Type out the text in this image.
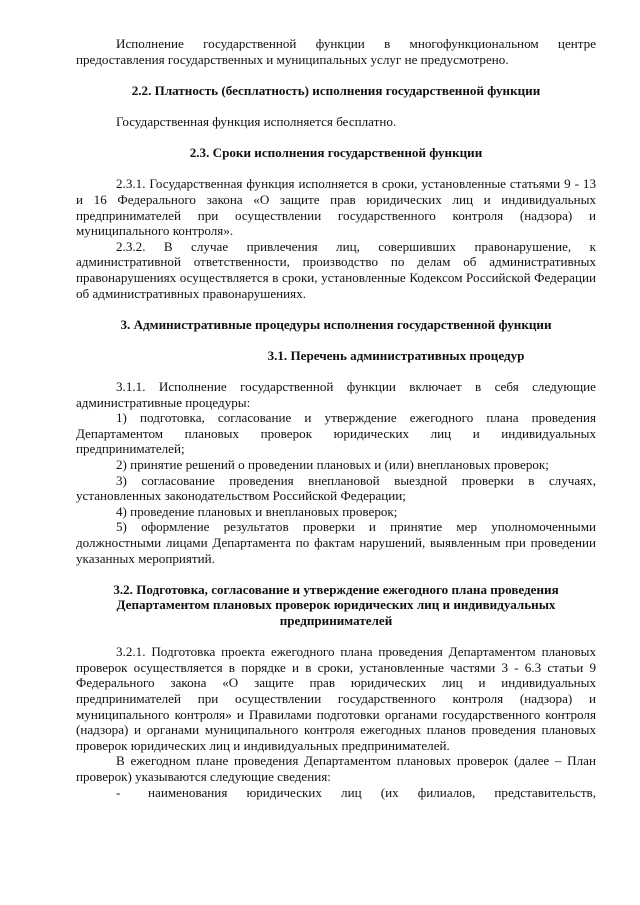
Исполнение государственной функции в многофункциональном центре предоставления государственных и муниципальных услуг не предусмотрено.

2.2. Платность (бесплатность) исполнения государственной функции

Государственная функция исполняется бесплатно.

2.3. Сроки исполнения государственной функции

2.3.1. Государственная функция исполняется в сроки, установленные статьями 9 - 13 и 16 Федерального закона «О защите прав юридических лиц и индивидуальных предпринимателей при осуществлении государственного контроля (надзора) и муниципального контроля».

2.3.2. В случае привлечения лиц, совершивших правонарушение, к административной ответственности, производство по делам об административных правонарушениях осуществляется в сроки, установленные Кодексом Российской Федерации об административных правонарушениях.

3. Административные процедуры исполнения государственной функции
3.1. Перечень административных процедур

3.1.1. Исполнение государственной функции включает в себя следующие административные процедуры:

1) подготовка, согласование и утверждение ежегодного плана проведения Департаментом плановых проверок юридических лиц и индивидуальных предпринимателей;

2) принятие решений о проведении плановых и (или) внеплановых проверок;

3) согласование проведения внеплановой выездной проверки в случаях, установленных законодательством Российской Федерации;

4) проведение плановых и внеплановых проверок;

5) оформление результатов проверки и принятие мер уполномоченными должностными лицами Департамента по фактам нарушений, выявленным при проведении указанных мероприятий.

3.2. Подготовка, согласование и утверждение ежегодного плана проведения Департаментом плановых проверок юридических лиц и индивидуальных предпринимателей

3.2.1. Подготовка проекта ежегодного плана проведения Департаментом плановых проверок осуществляется в порядке и в сроки, установленные частями 3 - 6.3 статьи 9 Федерального закона «О защите прав юридических лиц и индивидуальных предпринимателей при осуществлении государственного контроля (надзора) и муниципального контроля» и Правилами подготовки органами государственного контроля (надзора) и органами муниципального контроля ежегодных планов проведения плановых проверок юридических лиц и индивидуальных предпринимателей.

В ежегодном плане проведения Департаментом плановых проверок (далее – План проверок) указываются следующие сведения:

-	наименования юридических лиц (их филиалов, представительств,
